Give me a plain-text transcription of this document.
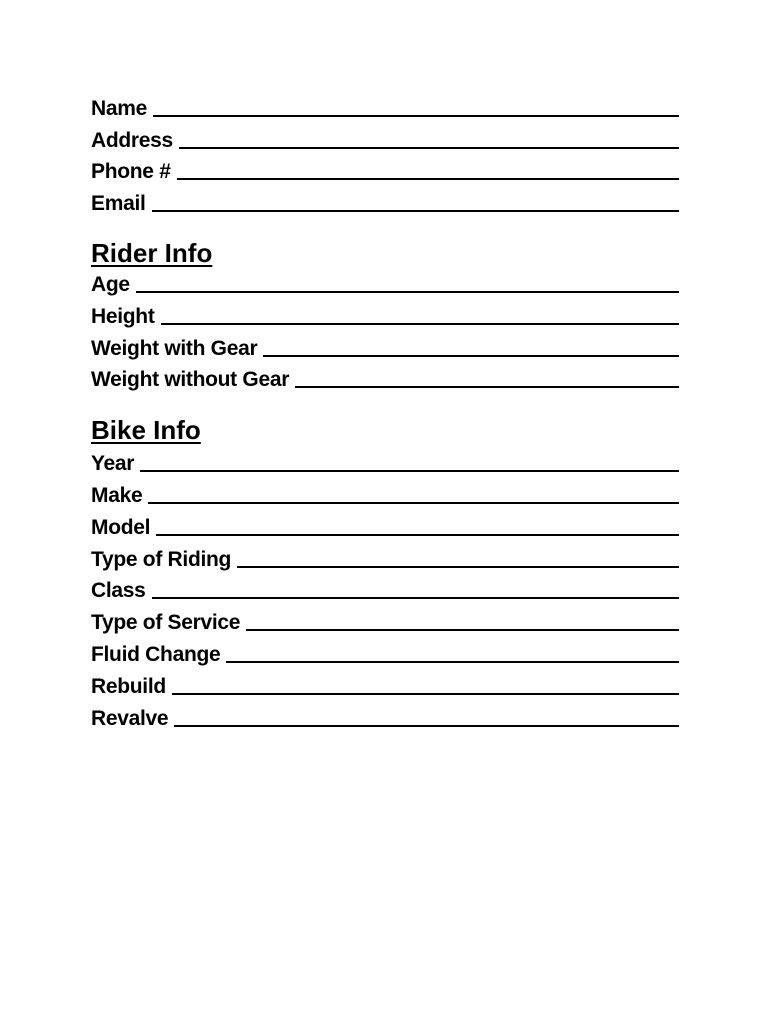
Name
Address
Phone #
Email
Rider Info
Age
Height
Weight with Gear
Weight without Gear
Bike Info
Year
Make
Model
Type of Riding
Class
Type of Service
Fluid Change
Rebuild
Revalve
